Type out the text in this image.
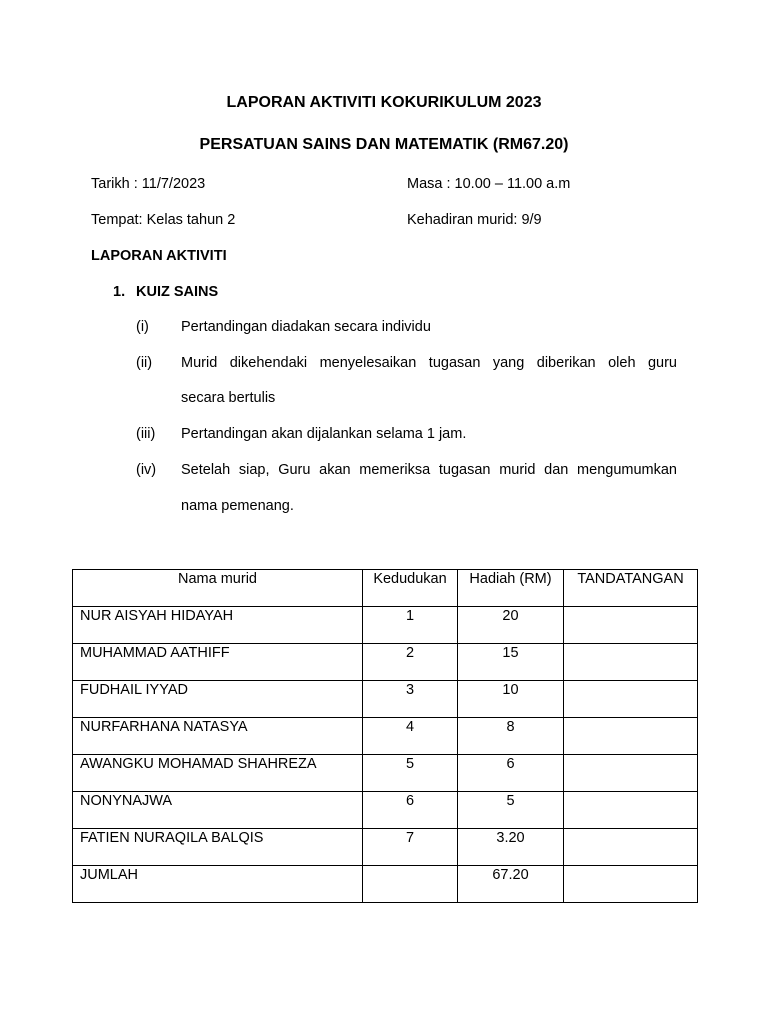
LAPORAN AKTIVITI KOKURIKULUM 2023
PERSATUAN SAINS DAN MATEMATIK (RM67.20)
Tarikh : 11/7/2023	Masa : 10.00 – 11.00 a.m
Tempat: Kelas tahun 2	Kehadiran murid: 9/9
LAPORAN AKTIVITI
1. KUIZ SAINS
(i) Pertandingan diadakan secara individu
(ii) Murid dikehendaki menyelesaikan tugasan yang diberikan oleh guru
secara bertulis
(iii) Pertandingan akan dijalankan selama 1 jam.
(iv) Setelah siap, Guru akan memeriksa tugasan murid dan mengumumkan
nama pemenang.
Nama murid	Kedudukan	Hadiah (RM)	TANDATANGAN
NUR AISYAH HIDAYAH	1	20	
MUHAMMAD AATHIFF	2	15	
FUDHAIL IYYAD	3	10	
NURFARHANA NATASYA	4	8	
AWANGKU MOHAMAD SHAHREZA	5	6	
NONYNAJWA	6	5	
FATIEN NURAQILA BALQIS	7	3.20	
JUMLAH		67.20	
